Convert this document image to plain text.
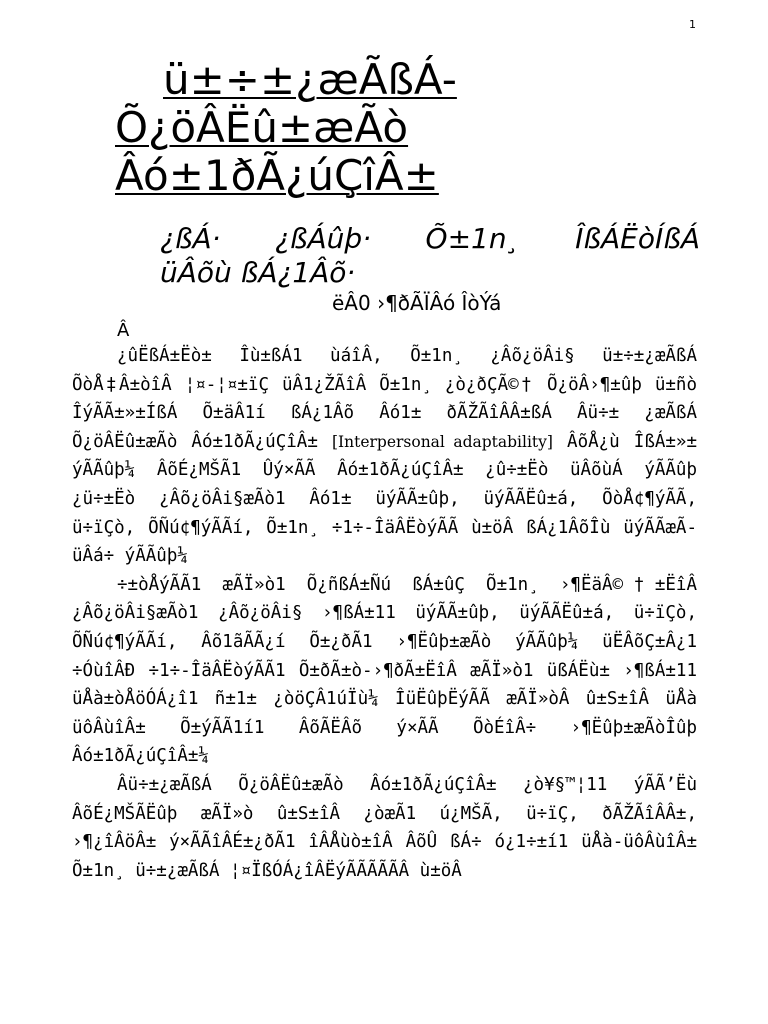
1
ü±÷±¿æÃßÁ-
Õ¿öÂËû±æÃò
Âó±1ðÃ¿úÇîÂ±
¿ßÁ· ¿ßÁûþ· Õ±1n¸ ÎßÁËòÍßÁ
üÂõù ßÁ¿1Âõ·
ëÂ0 ›¶ðÃÏÂó ÎòÝá
Â

¿ûËßÁ±Ëò± Îù±ßÁ1 ùáîÂ, Õ±1n¸ ¿Âõ¿öÂi§ ü±÷±¿æÃßÁ ÕòÅ‡Â±òîÂ ¦¤-¦¤±ïÇ üÂ1¿ŽÃîÂ Õ±1n¸ ¿ò¿ðÇÃ©† Õ¿öÂ›¶±ûþ ü±ñò ÎýÃÃ±»±ÍßÁ Õ±äÂ1í ßÁ¿1Âõ Âó1± ðÃŽÃîÂÂ±ßÁ Âü÷± ¿æÃßÁ Õ¿öÂËû±æÃò Âó±1ðÃ¿úÇîÂ± [Interpersonal adaptability] ÂõÅ¿ù ÎßÁ±»± ýÃÃûþ¼ ÂõÉ¿MŠÃ1 Ûý×ÃÃ Âó±1ðÃ¿úÇîÂ± ¿û÷±Ëò üÂõùÁ ýÃÃûþ ¿ü÷±Ëò ¿Âõ¿öÂi§æÃò1 Âó1± üýÃÃ±ûþ, üýÃÃËû±á, ÕòÅ¢¶ýÃÃ, ü÷ïÇò, ÕÑú¢¶ýÃÃí, Õ±1n¸ ÷1÷-ÎäÂËòýÃÃ ù±öÂ ßÁ¿1ÂõÎù üýÃÃæÃ-üÂá÷ ýÃÃûþ¼

÷±òÅýÃÃ1 æÃÏ»ò1 Õ¿ñßÁ±Ñú ßÁ±ûÇ Õ±1n¸ ›¶ËäÂ©†±ËîÂ ¿Âõ¿öÂi§æÃò1 ¿Âõ¿öÂi§ ›¶ßÁ±11 üýÃÃ±ûþ, üýÃÃËû±á, ü÷ïÇò, ÕÑú¢¶ýÃÃí, Âõ1ãÃÃ¿í Õ±¿ðÃ1 ›¶Ëûþ±æÃò ýÃÃûþ¼ üËÂõÇ±Â¿1 ÷ÓùîÂÐ ÷1÷-ÎäÂËòýÃÃ1 Õ±ðÃ±ò-›¶ðÃ±ËîÂ æÃÏ»ò1 üßÁËù± ›¶ßÁ±11 üÅà±òÅöÓÁ¿î1 ñ±1± ¿òöÇÂ1úÏù¼ ÎüËûþËýÃÃ æÃÏ»òÂ û±S±îÂ üÅà üôÂùîÂ± Õ±ýÃÃ1í1 ÂõÃËÂõ ý×ÃÃ ÕòÉîÂ÷ ›¶Ëûþ±æÃòÎûþ Âó±1ðÃ¿úÇîÂ±¼

Âü÷±¿æÃßÁ Õ¿öÂËû±æÃò Âó±1ðÃ¿úÇîÂ± ¿ò¥§™¦11 ýÃÃ’Ëù ÂõÉ¿MŠÃËûþ æÃÏ»ò û±S±îÂ ¿òæÃ1 ú¿MŠÃ, ü÷ïÇ, ðÃŽÃîÂÂ±, ›¶¿îÂöÂ± ý×ÃÃîÂÉ±¿ðÃ1 îÂÅùò±îÂ ÂõÛ ßÁ÷ ó¿1÷±í1 üÅà-üôÂùîÂ± Õ±1n¸ ü÷±¿æÃßÁ ¦¤ÏßÓÁ¿îÂËýÃÃÃÃÃÂ ù±öÂ
